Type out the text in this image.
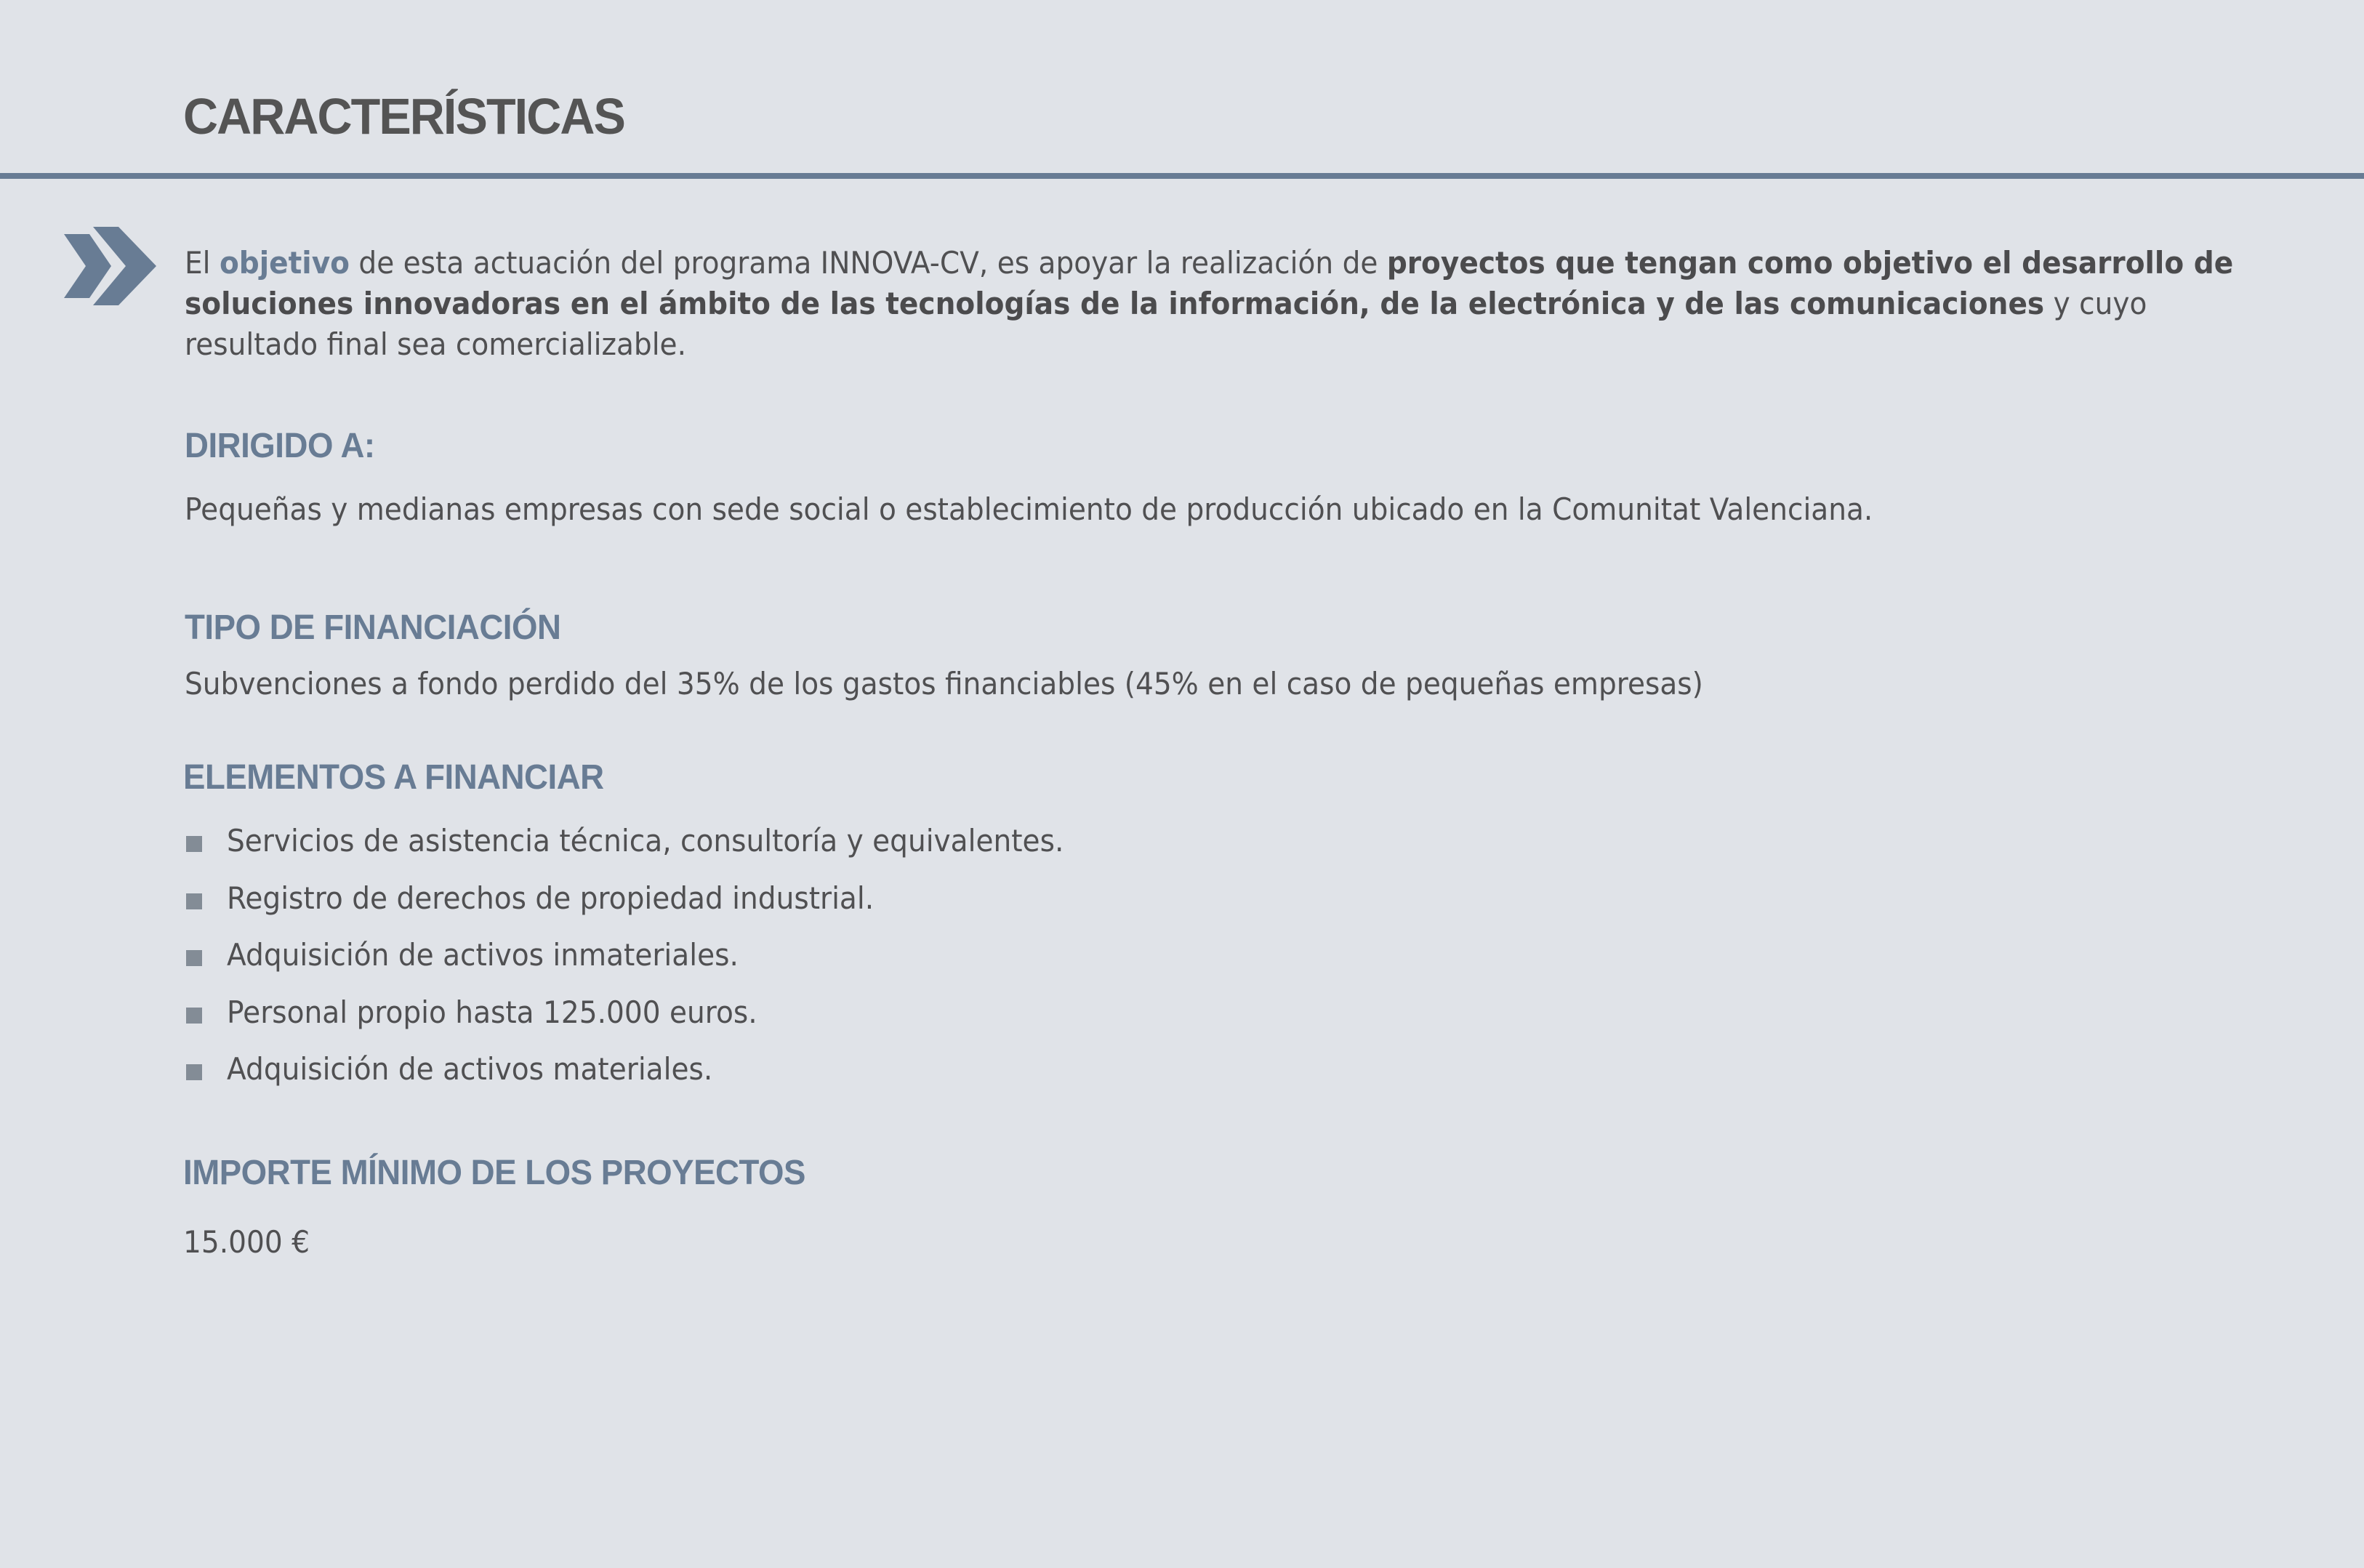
CARACTERÍSTICAS

El objetivo de esta actuación del programa INNOVA-CV, es apoyar la realización de proyectos que tengan como objetivo el desarrollo de soluciones innovadoras en el ámbito de las tecnologías de la información, de la electrónica y de las comunicaciones y cuyo resultado final sea comercializable.

DIRIGIDO A:

Pequeñas y medianas empresas con sede social o establecimiento de producción ubicado en la Comunitat Valenciana.

TIPO DE FINANCIACIÓN

Subvenciones a fondo perdido del 35% de los gastos financiables (45% en el caso de pequeñas empresas)

ELEMENTOS A FINANCIAR
Servicios de asistencia técnica, consultoría y equivalentes.
Registro de derechos de propiedad industrial.
Adquisición de activos inmateriales.
Personal propio hasta 125.000 euros.
Adquisición de activos materiales.
IMPORTE MÍNIMO DE LOS PROYECTOS

15.000 €
